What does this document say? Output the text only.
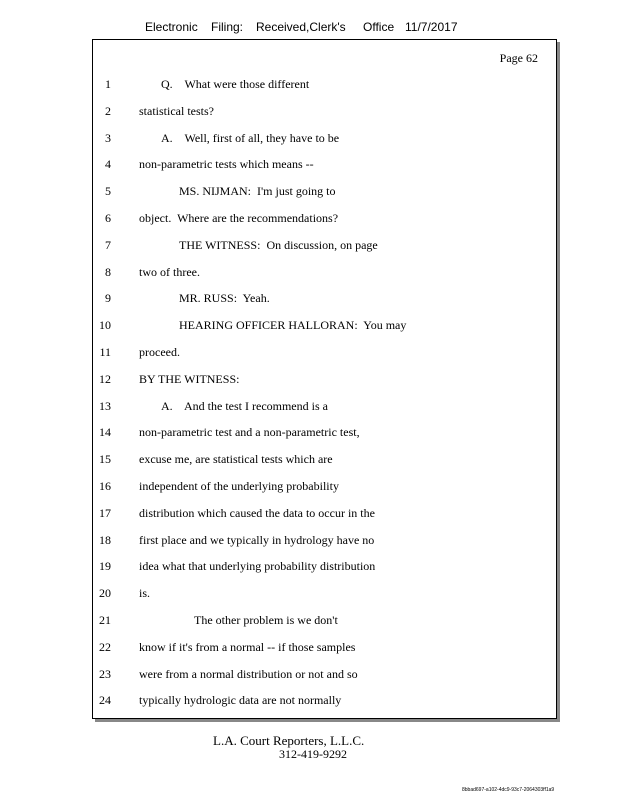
Electronic Filing: Received,Clerk's Office 11/7/2017
Page 62
1	Q.    What were those different
2 statistical tests?
3	A.    Well, first of all, they have to be
4 non-parametric tests which means --
5	MS. NIJMAN:  I'm just going to
6 object.  Where are the recommendations?
7	THE WITNESS:  On discussion, on page
8 two of three.
9	MR. RUSS:  Yeah.
10	HEARING OFFICER HALLORAN:  You may
11 proceed.
12 BY THE WITNESS:
13	A.    And the test I recommend is a
14 non-parametric test and a non-parametric test,
15 excuse me, are statistical tests which are
16 independent of the underlying probability
17 distribution which caused the data to occur in the
18 first place and we typically in hydrology have no
19 idea what that underlying probability distribution
20 is.
21	The other problem is we don't
22 know if it's from a normal -- if those samples
23 were from a normal distribution or not and so
24 typically hydrologic data are not normally
L.A. Court Reporters, L.L.C.
312-419-9292
8bbad697-a102-4dc9-93c7-2064303ff1a9
